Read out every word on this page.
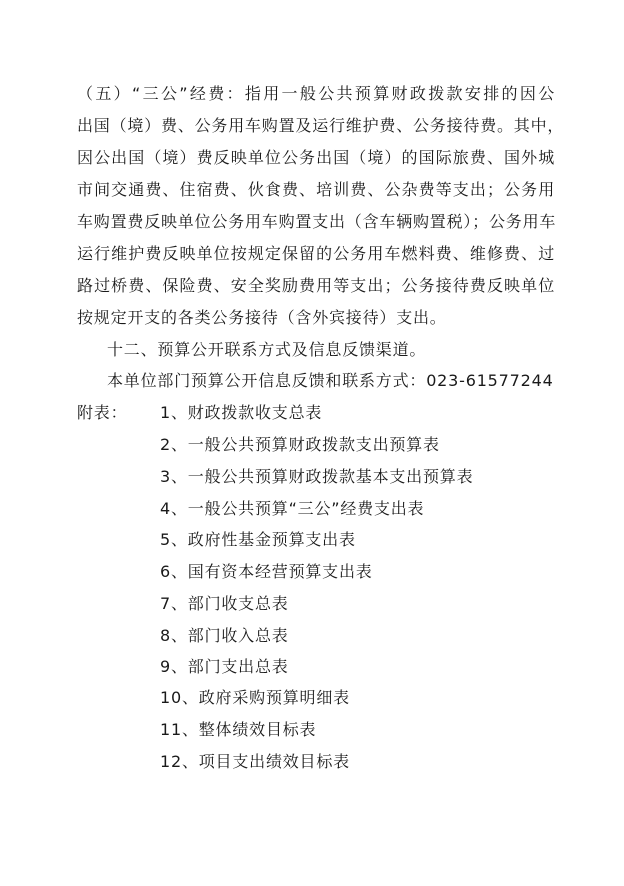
（五）“三公”经费：指用一般公共预算财政拨款安排的因公
出国（境）费、公务用车购置及运行维护费、公务接待费。其中，
因公出国（境）费反映单位公务出国（境）的国际旅费、国外城
市间交通费、住宿费、伙食费、培训费、公杂费等支出；公务用
车购置费反映单位公务用车购置支出（含车辆购置税）；公务用车
运行维护费反映单位按规定保留的公务用车燃料费、维修费、过
路过桥费、保险费、安全奖励费用等支出；公务接待费反映单位
按规定开支的各类公务接待（含外宾接待）支出。
十二、预算公开联系方式及信息反馈渠道。
本单位部门预算公开信息反馈和联系方式：023-61577244
附表： 1、财政拨款收支总表
2、一般公共预算财政拨款支出预算表
3、一般公共预算财政拨款基本支出预算表
4、一般公共预算“三公”经费支出表
5、政府性基金预算支出表
6、国有资本经营预算支出表
7、部门收支总表
8、部门收入总表
9、部门支出总表
10、政府采购预算明细表
11、整体绩效目标表
12、项目支出绩效目标表
